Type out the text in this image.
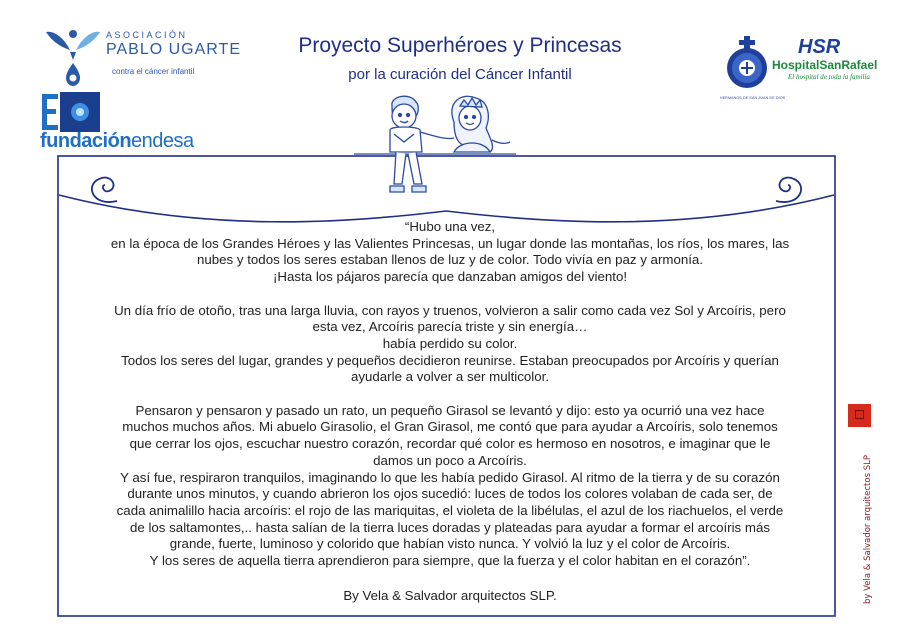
Proyecto Superhéroes y Princesas
por la curación del Cáncer Infantil
ASOCIACIÓN
PABLO UGARTE
contra el cáncer infantil
fundaciónendesa
HSR
HospitalSanRafael
El hospital de toda la familia
HERMANOS DE SAN JUAN DE DIOS

“Hubo una vez,

en la época de los Grandes Héroes y las Valientes Princesas, un lugar donde las montañas, los ríos, los mares, las

nubes y todos los seres estaban llenos de luz y de color. Todo vivía en paz y armonía.

¡Hasta los pájaros parecía que danzaban amigos del viento!

Un día frío de otoño, tras una larga lluvia, con rayos y truenos, volvieron a salir como cada vez Sol y Arcoíris, pero

esta vez, Arcoíris parecía triste y sin energía…

había perdido su color.

Todos los seres del lugar, grandes y pequeños decidieron reunirse. Estaban preocupados por Arcoíris y querían

ayudarle a volver a ser multicolor.

Pensaron y pensaron y pasado un rato, un pequeño Girasol se levantó y dijo: esto ya ocurrió una vez hace

muchos muchos años. Mi abuelo Girasolio, el Gran Girasol, me contó que para ayudar a Arcoíris, solo tenemos

que cerrar los ojos, escuchar nuestro corazón, recordar qué color es hermoso en nosotros, e imaginar que le

damos un poco a Arcoíris.

Y así fue, respiraron tranquilos, imaginando lo que les había pedido Girasol. Al ritmo de la tierra y de su corazón

durante unos minutos, y cuando abrieron los ojos sucedió: luces de todos los colores volaban de cada ser, de

cada animalillo hacia arcoíris: el rojo de las mariquitas, el violeta de la libélulas, el azul de los riachuelos, el verde

de los saltamontes,.. hasta salían de la tierra luces doradas y plateadas para ayudar a formar el arcoíris más

grande, fuerte, luminoso y colorido que habían visto nunca. Y volvió la luz y el color de Arcoíris.

Y los seres de aquella tierra aprendieron para siempre, que la fuerza y el color habitan en el corazón”.

By Vela & Salvador arquitectos SLP.	by Vela & Salvador arquitectos SLP
